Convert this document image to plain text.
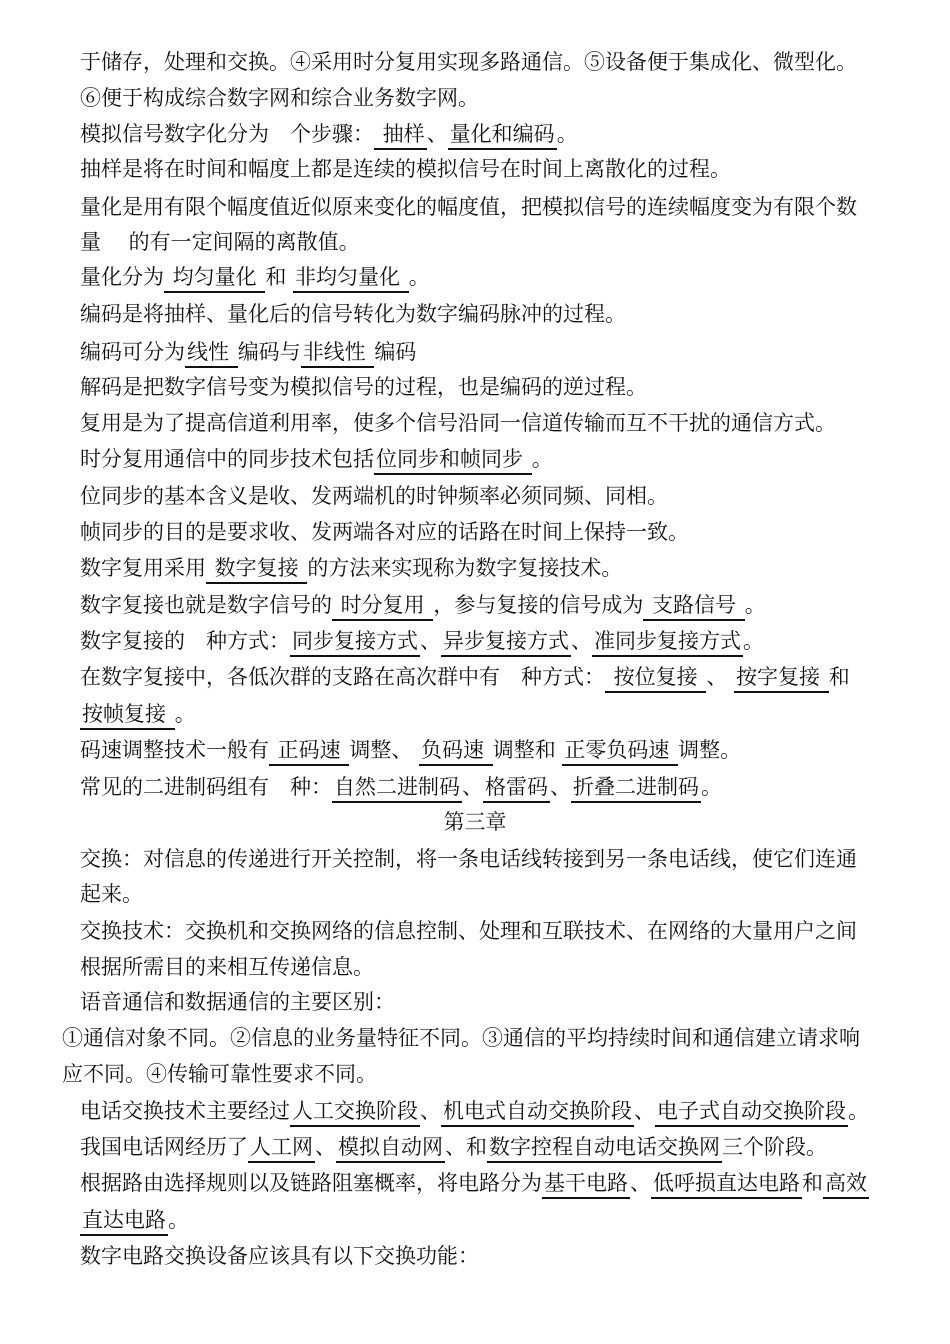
于储存，处理和交换。④采用时分复用实现多路通信。⑤设备便于集成化、微型化。
⑥便于构成综合数字网和综合业务数字网。
模拟信号数字化分为　个步骤： 抽样、量化和编码。
抽样是将在时间和幅度上都是连续的模拟信号在时间上离散化的过程。
量化是用有限个幅度值近似原来变化的幅度值，把模拟信号的连续幅度变为有限个数
量　 的有一定间隔的离散值。
量化分为 均匀量化 和 非均匀量化 。
编码是将抽样、量化后的信号转化为数字编码脉冲的过程。
编码可分为线性 编码与非线性 编码
解码是把数字信号变为模拟信号的过程，也是编码的逆过程。
复用是为了提高信道利用率，使多个信号沿同一信道传输而互不干扰的通信方式。
时分复用通信中的同步技术包括位同步和帧同步 。
位同步的基本含义是收、发两端机的时钟频率必须同频、同相。
帧同步的目的是要求收、发两端各对应的话路在时间上保持一致。
数字复用采用 数字复接 的方法来实现称为数字复接技术。
数字复接也就是数字信号的 时分复用 ，参与复接的信号成为 支路信号 。
数字复接的　种方式：同步复接方式、异步复接方式、准同步复接方式。
在数字复接中，各低次群的支路在高次群中有　种方式： 按位复接 、 按字复接 和
按帧复接 。
码速调整技术一般有 正码速 调整、 负码速 调整和 正零负码速 调整。
常见的二进制码组有　种：自然二进制码、格雷码、折叠二进制码。
第三章
交换：对信息的传递进行开关控制，将一条电话线转接到另一条电话线，使它们连通
起来。
交换技术：交换机和交换网络的信息控制、处理和互联技术、在网络的大量用户之间
根据所需目的来相互传递信息。
语音通信和数据通信的主要区别：
①通信对象不同。②信息的业务量特征不同。③通信的平均持续时间和通信建立请求响
应不同。④传输可靠性要求不同。
电话交换技术主要经过人工交换阶段、机电式自动交换阶段、电子式自动交换阶段。
我国电话网经历了人工网、模拟自动网、和数字控程自动电话交换网三个阶段。
根据路由选择规则以及链路阻塞概率，将电路分为基干电路、低呼损直达电路和高效
直达电路。
数字电路交换设备应该具有以下交换功能：
